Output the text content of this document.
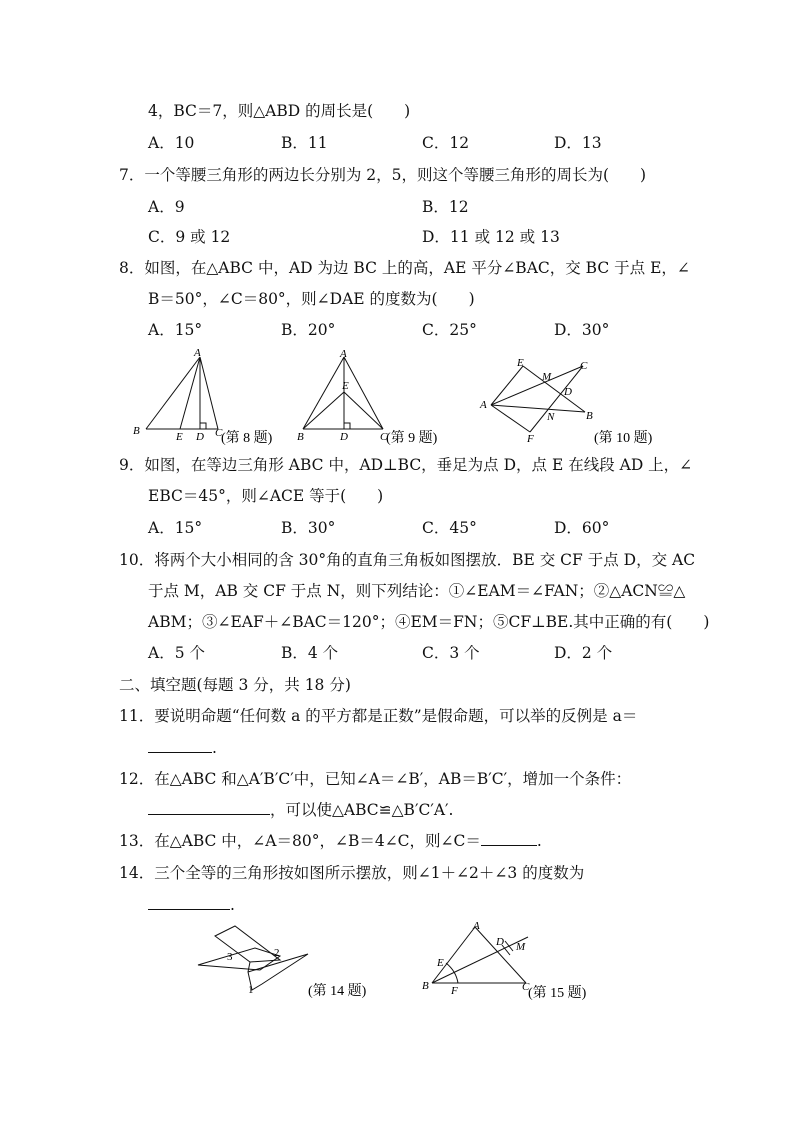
4，BC＝7，则△ABD 的周长是(　　)
A．10	B．11	C．12	D．13
7．一个等腰三角形的两边长分别为 2，5，则这个等腰三角形的周长为(　　)
A．9	B．12
C．9 或 12	D．11 或 12 或 13
8．如图，在△ABC 中，AD 为边 BC 上的高，AE 平分∠BAC，交 BC 于点 E，∠
B＝50°，∠C＝80°，则∠DAE 的度数为(　　)
A．15°	B．20°	C．25°	D．30°
A
B	E D C
(第 8 题)
A
E
B	D	C
(第 9 题)
E	C
M
D
A
N	B
F	(第 10 题)
9．如图，在等边三角形 ABC 中，AD⊥BC，垂足为点 D，点 E 在线段 AD 上，∠
EBC＝45°，则∠ACE 等于(　　)
A．15°	B．30°	C．45°	D．60°
10．将两个大小相同的含 30°角的直角三角板如图摆放．BE 交 CF 于点 D，交 AC
于点 M，AB 交 CF 于点 N，则下列结论：①∠EAM＝∠FAN；②△ACN≌△
ABM；③∠EAF＋∠BAC＝120°；④EM＝FN；⑤CF⊥BE.其中正确的有(　　)
A．5 个	B．4 个	C．3 个	D．2 个
二、填空题(每题 3 分，共 18 分)
11．要说明命题“任何数 a 的平方都是正数”是假命题，可以举的反例是 a＝
.
12．在△ABC 和△A′B′C′中，已知∠A＝∠B′，AB＝B′C′，增加一个条件：
，可以使△ABC≌△B′C′A′.
13．在△ABC 中，∠A＝80°，∠B＝4∠C，则∠C＝	.
14．三个全等的三角形按如图所示摆放，则∠1＋∠2＋∠3 的度数为
.
3	2
1	(第 14 题)
A
D M
E
B F	C
(第 15 题)
